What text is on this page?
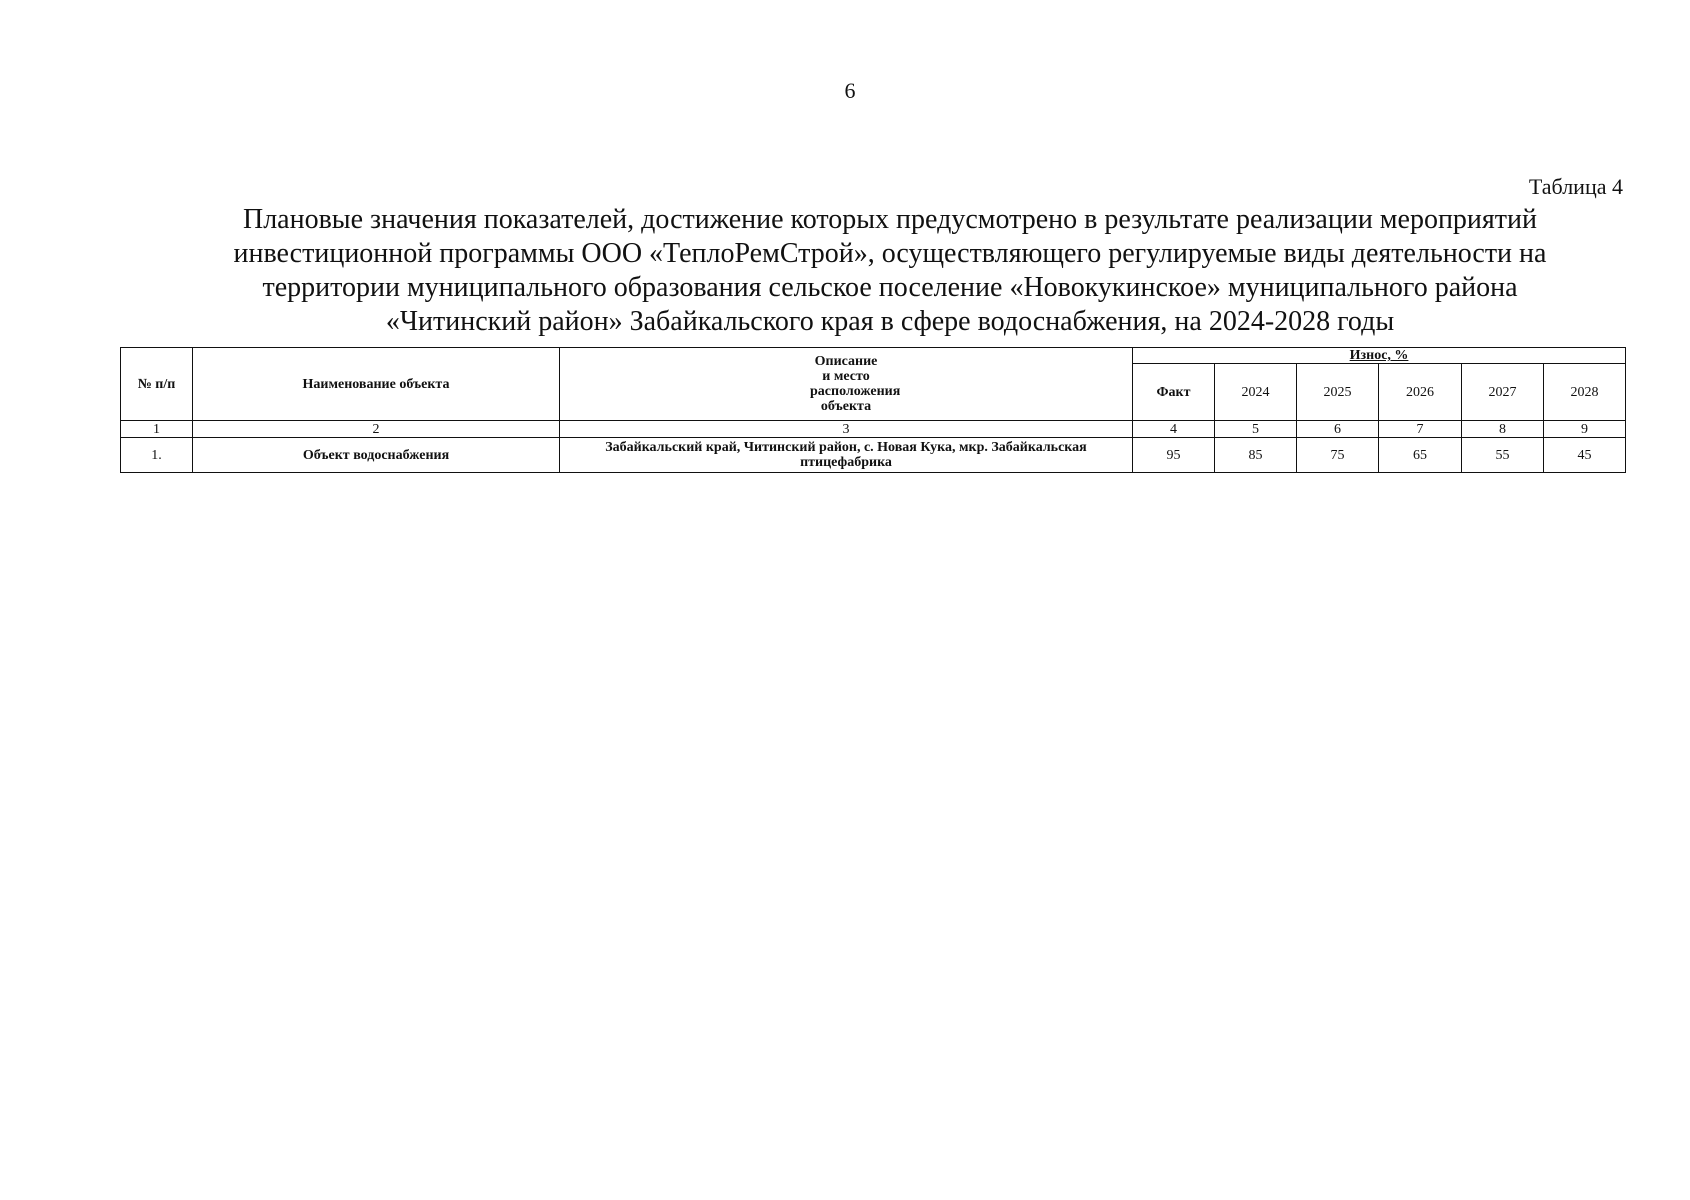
6
Таблица 4
Плановые значения показателей, достижение которых предусмотрено в результате реализации мероприятий
инвестиционной программы ООО «ТеплоРемСтрой», осуществляющего регулируемые виды деятельности на
территории муниципального образования сельское поселение «Новокукинское» муниципального района
«Читинский район» Забайкальского края в сфере водоснабжения, на 2024-2028 годы
№ п/п	Наименование объекта	Описание и место расположения объекта	Износ, %					
			Факт	2024	2025	2026	2027	2028
1	2	3	4	5	6	7	8	9
1.	Объект водоснабжения	Забайкальский край, Читинский район, с. Новая Кука, мкр. Забайкальская птицефабрика	95	85	75	65	55	45
